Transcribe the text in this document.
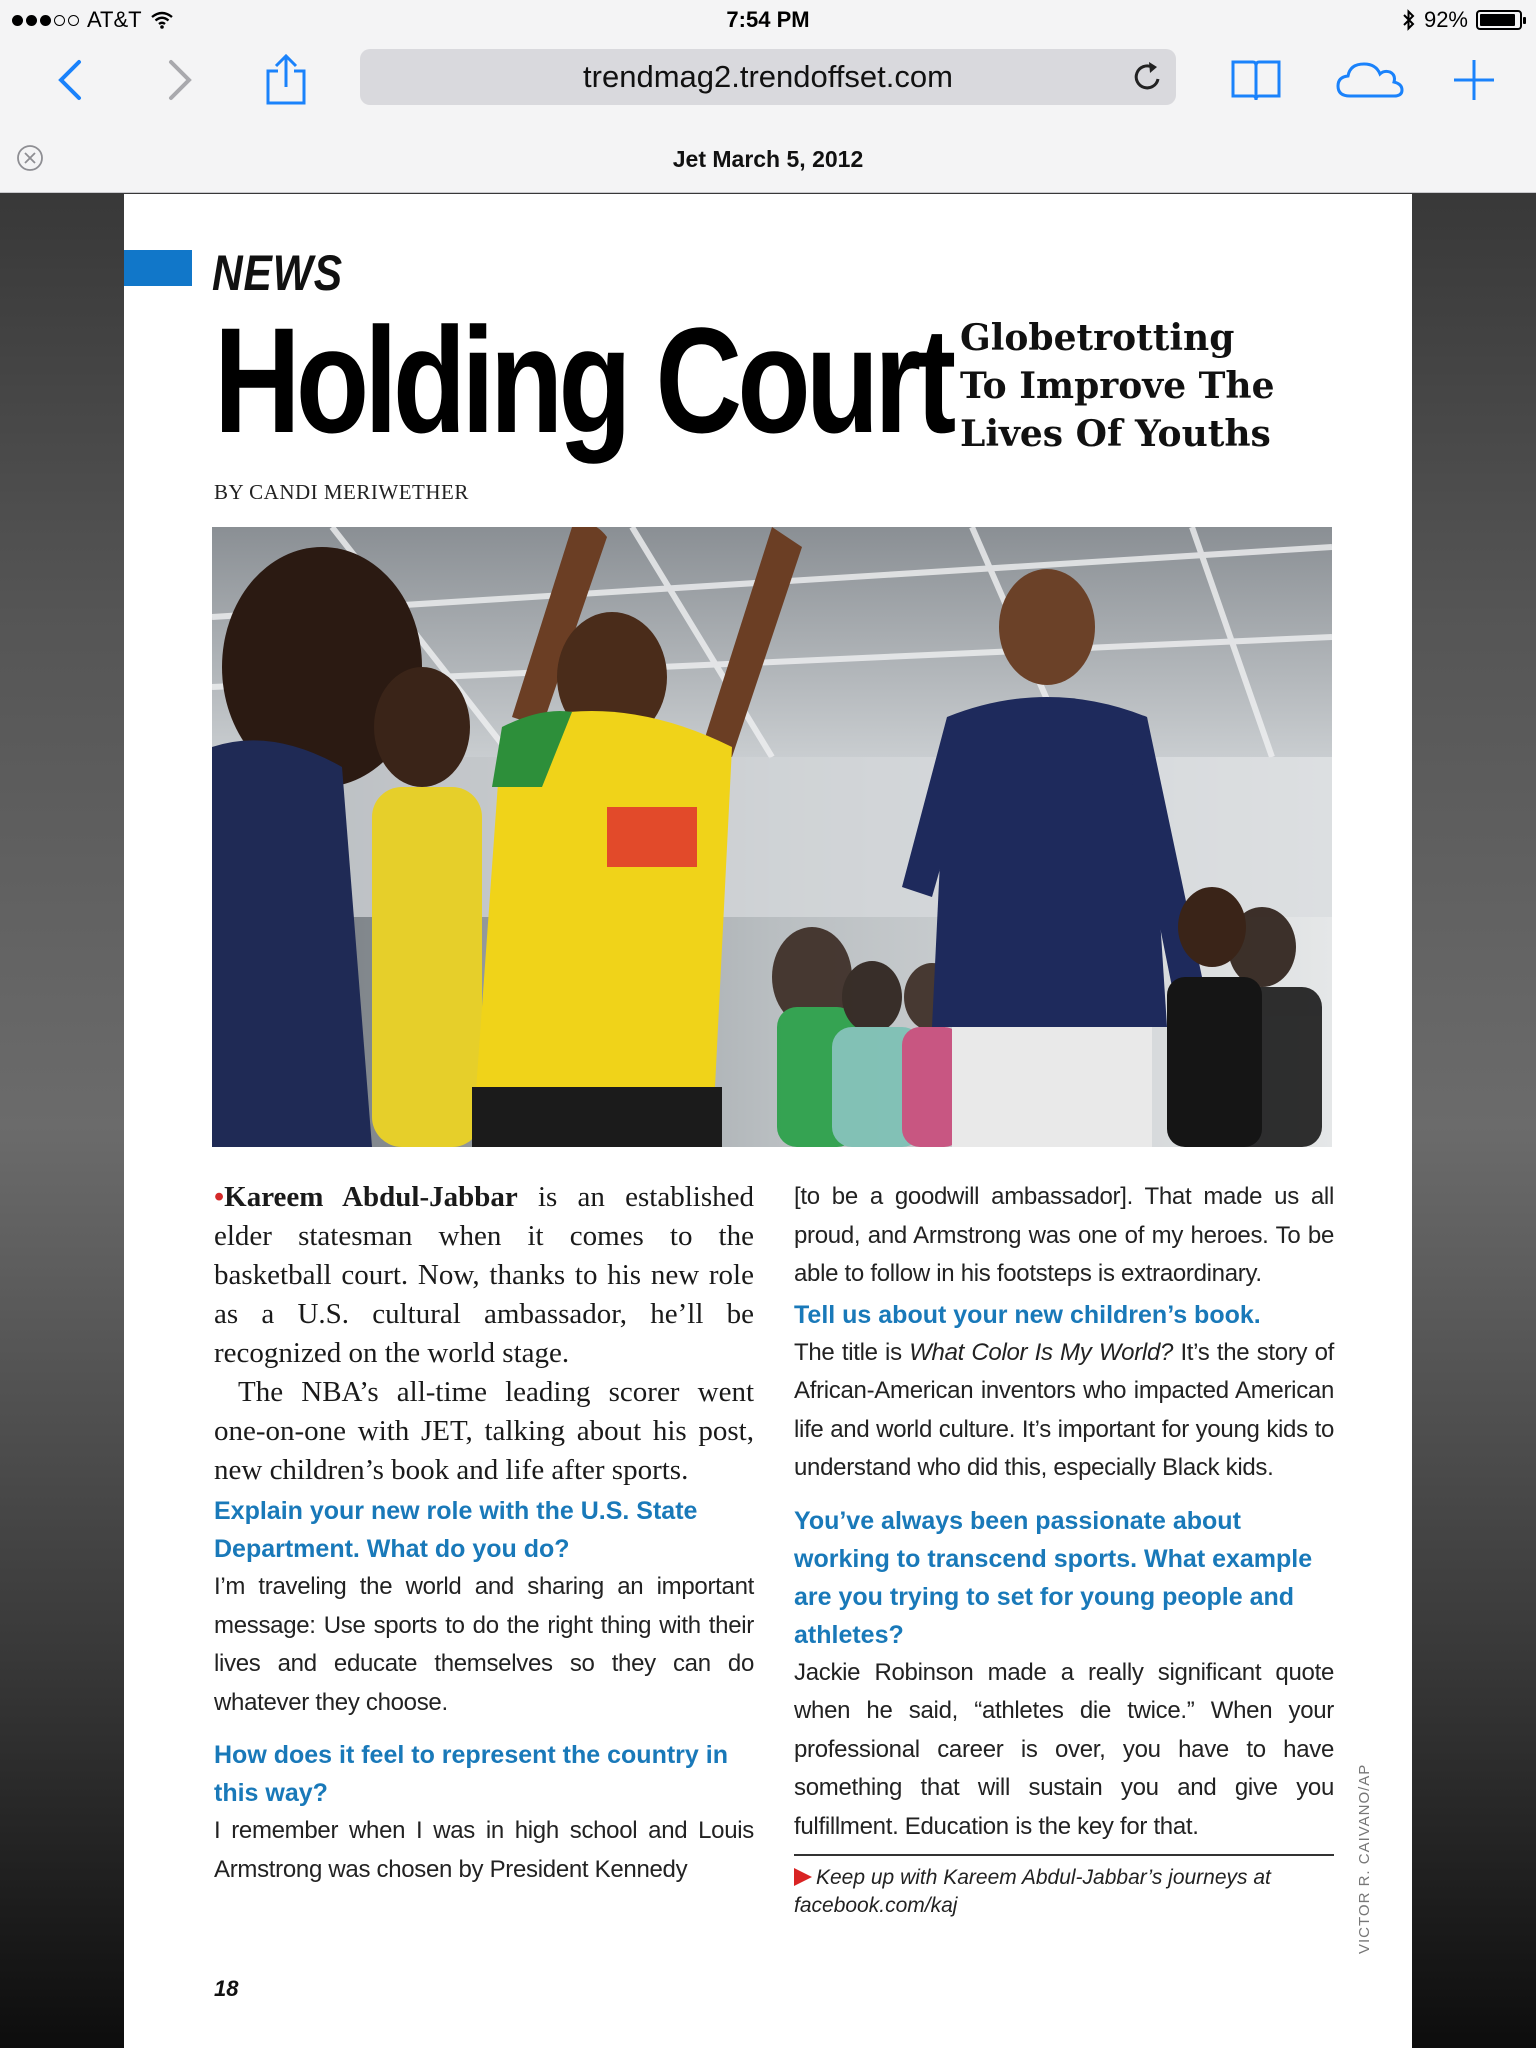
AT&T	7:54 PM	92%
trendmag2.trendoffset.com
Jet March 5, 2012
NEWS
Holding Court Globetrotting
To Improve The
Lives Of Youths
BY CANDI MERIWETHER

•Kareem Abdul-Jabbar is an established elder statesman when it comes to the basketball court. Now, thanks to his new role as a U.S. cultural ambassador, he’ll be recognized on the world stage.

The NBA’s all-time leading scorer went one-on-one with JET, talking about his post, new children’s book and life after sports.

Explain your new role with the U.S. State Department. What do you do?

I’m traveling the world and sharing an important message: Use sports to do the right thing with their lives and educate themselves so they can do whatever they choose.

How does it feel to represent the country in this way?

I remember when I was in high school and Louis Armstrong was chosen by President Kennedy

[to be a goodwill ambassador]. That made us all proud, and Armstrong was one of my heroes. To be able to follow in his footsteps is extraordinary.

Tell us about your new children’s book.

The title is What Color Is My World? It’s the story of African-American inventors who impacted American life and world culture. It’s important for young kids to understand who did this, especially Black kids.

You’ve always been passionate about working to transcend sports. What example are you trying to set for young people and athletes?

Jackie Robinson made a really significant quote when he said, “athletes die twice.” When your professional career is over, you have to have something that will sustain you and give you fulfillment. Education is the key for that.

Keep up with Kareem Abdul-Jabbar’s journeys at facebook.com/kaj	VICTOR R. CAIVANO/AP
18
